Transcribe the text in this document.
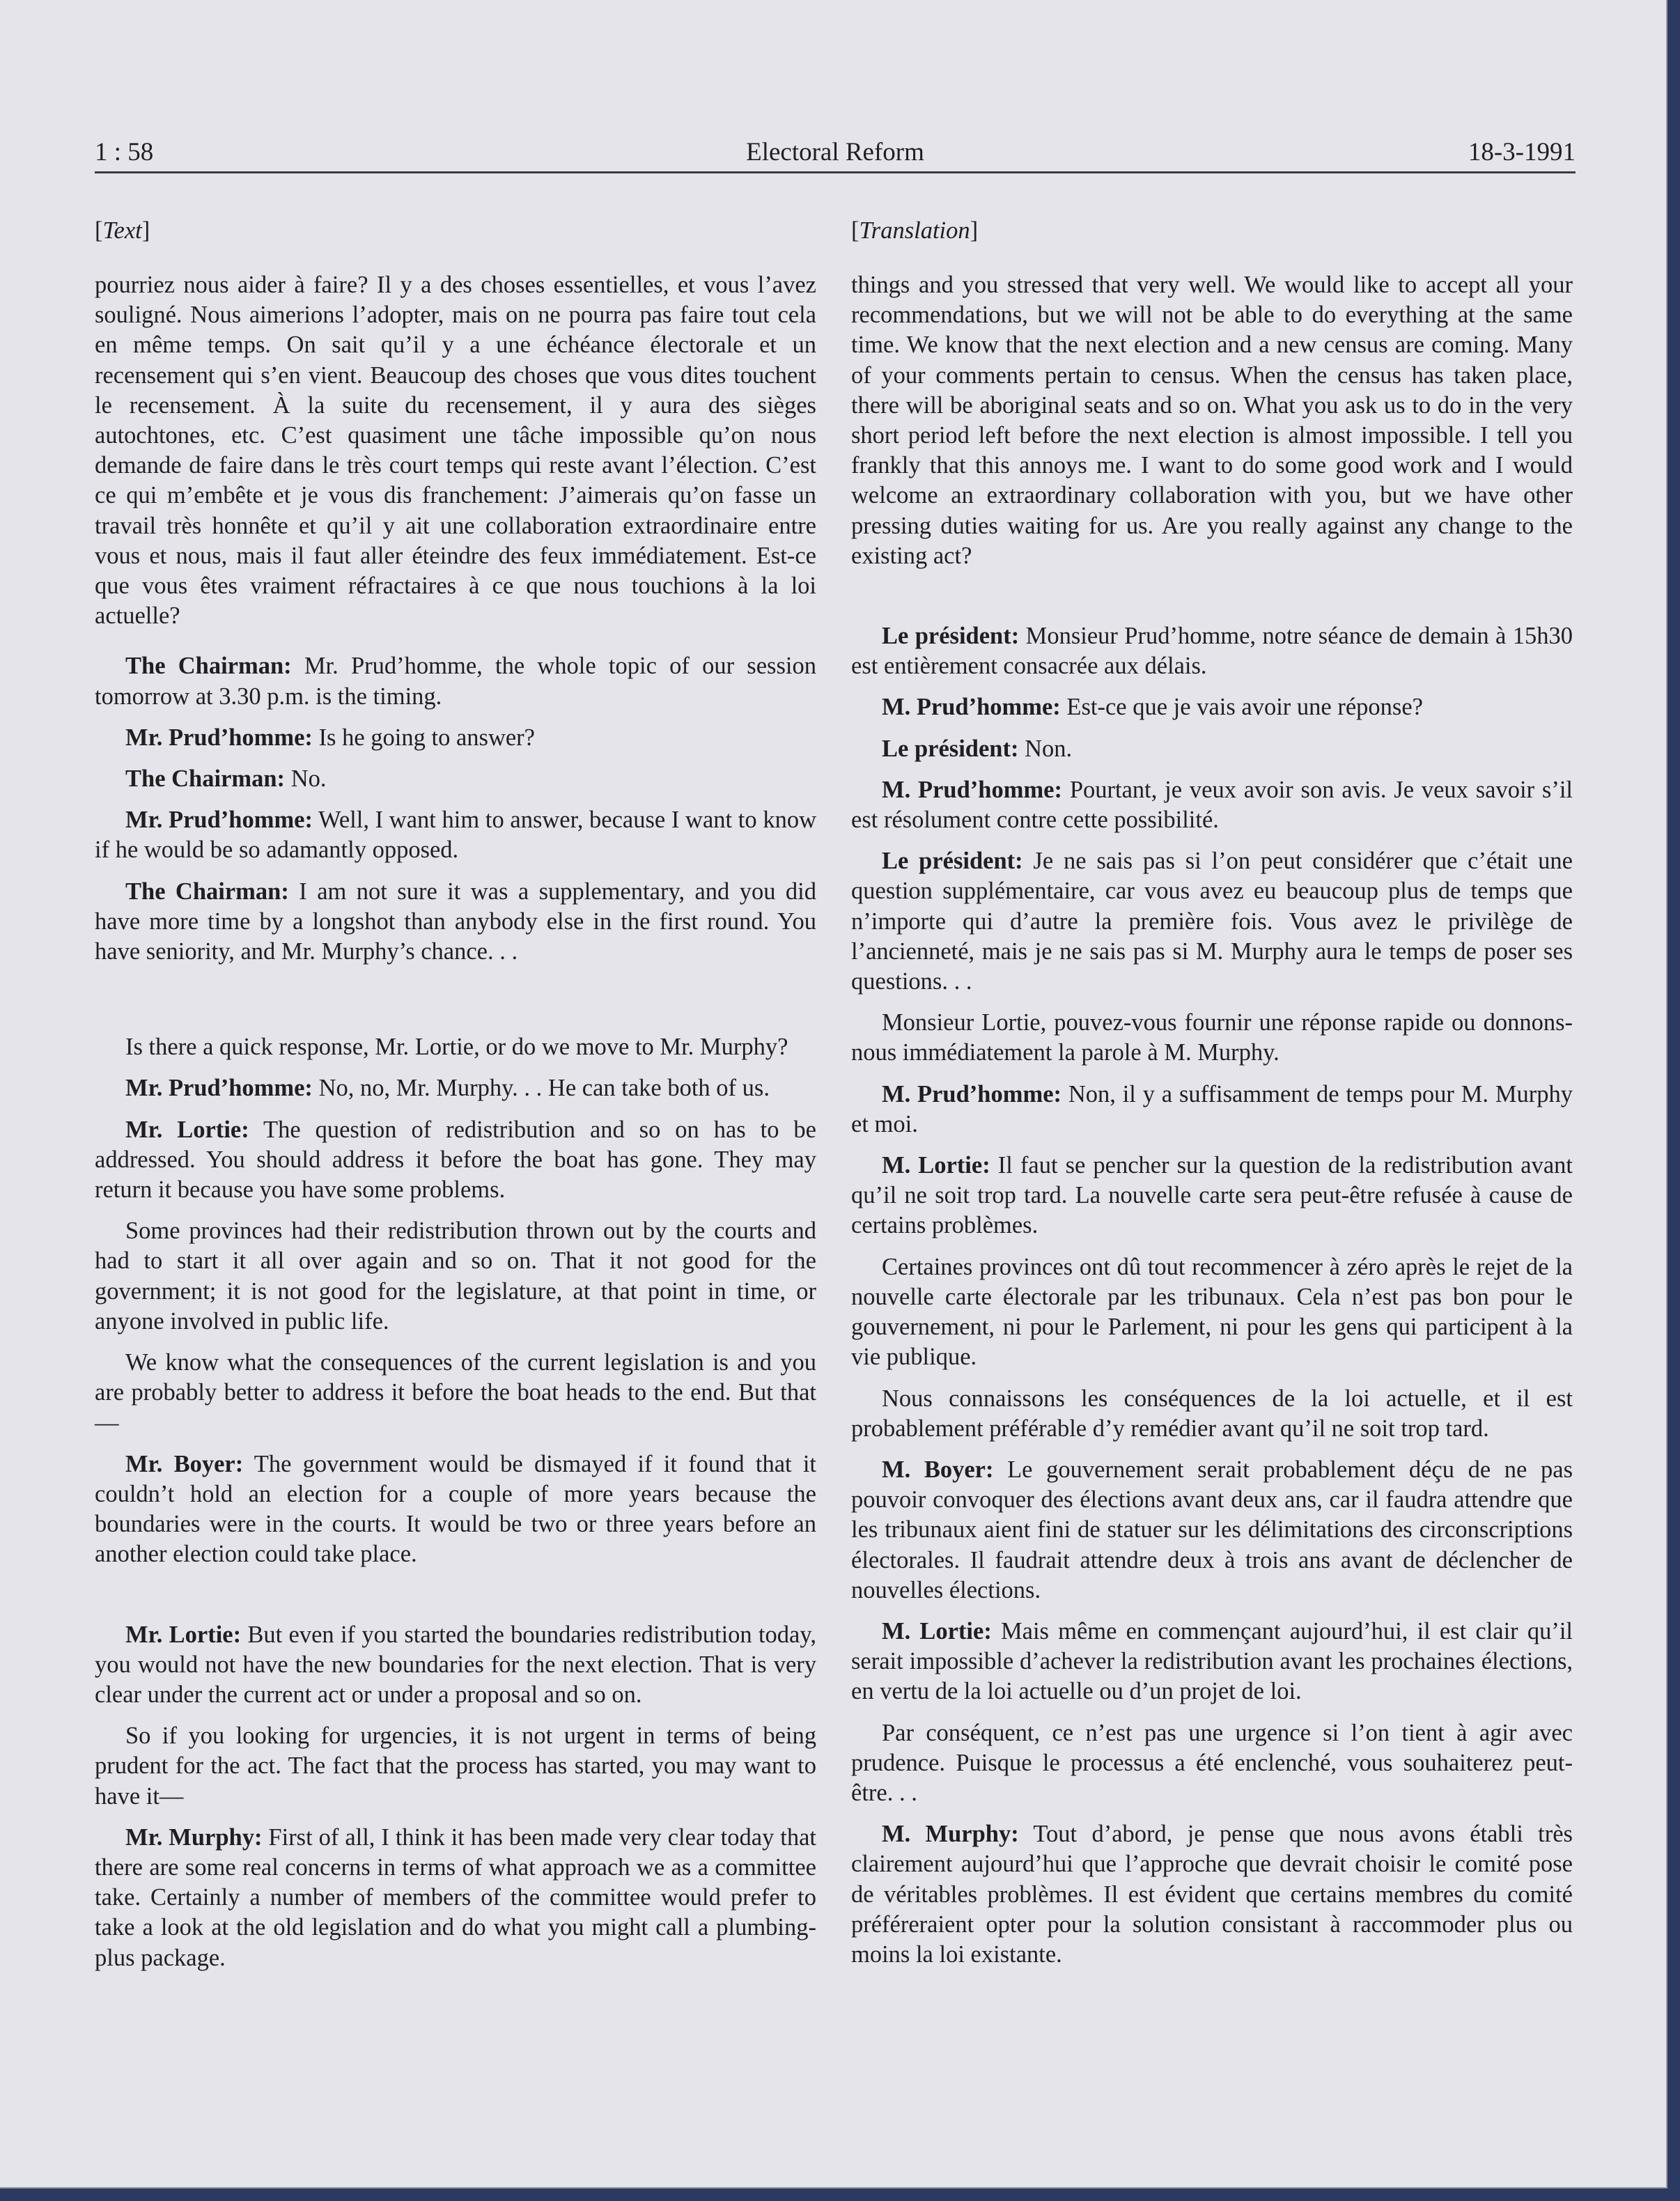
1 : 58	Electoral Reform	18-3-1991
[Text]

pourriez nous aider à faire? Il y a des choses essentielles, et vous l’avez souligné. Nous aimerions l’adopter, mais on ne pourra pas faire tout cela en même temps. On sait qu’il y a une échéance électorale et un recensement qui s’en vient. Beaucoup des choses que vous dites touchent le recensement. À la suite du recensement, il y aura des sièges autochtones, etc. C’est quasiment une tâche impossible qu’on nous demande de faire dans le très court temps qui reste avant l’élection. C’est ce qui m’embête et je vous dis franchement: J’aimerais qu’on fasse un travail très honnête et qu’il y ait une collaboration extraordinaire entre vous et nous, mais il faut aller éteindre des feux immédiatement. Est-ce que vous êtes vraiment réfractaires à ce que nous touchions à la loi actuelle?

The Chairman: Mr. Prud’homme, the whole topic of our session tomorrow at 3.30 p.m. is the timing.

Mr. Prud’homme: Is he going to answer?

The Chairman: No.

Mr. Prud’homme: Well, I want him to answer, because I want to know if he would be so adamantly opposed.

The Chairman: I am not sure it was a supplementary, and you did have more time by a longshot than anybody else in the first round. You have seniority, and Mr. Murphy’s chance. . .

Is there a quick response, Mr. Lortie, or do we move to Mr. Murphy?

Mr. Prud’homme: No, no, Mr. Murphy. . . He can take both of us.

Mr. Lortie: The question of redistribution and so on has to be addressed. You should address it before the boat has gone. They may return it because you have some problems.

Some provinces had their redistribution thrown out by the courts and had to start it all over again and so on. That it not good for the government; it is not good for the legislature, at that point in time, or anyone involved in public life.

We know what the consequences of the current legislation is and you are probably better to address it before the boat heads to the end. But that—

Mr. Boyer: The government would be dismayed if it found that it couldn’t hold an election for a couple of more years because the boundaries were in the courts. It would be two or three years before an another election could take place.

Mr. Lortie: But even if you started the boundaries redistribution today, you would not have the new boundaries for the next election. That is very clear under the current act or under a proposal and so on.

So if you looking for urgencies, it is not urgent in terms of being prudent for the act. The fact that the process has started, you may want to have it—

Mr. Murphy: First of all, I think it has been made very clear today that there are some real concerns in terms of what approach we as a committee take. Certainly a number of members of the committee would prefer to take a look at the old legislation and do what you might call a plumbing-plus package.

[Translation]

things and you stressed that very well. We would like to accept all your recommendations, but we will not be able to do everything at the same time. We know that the next election and a new census are coming. Many of your comments pertain to census. When the census has taken place, there will be aboriginal seats and so on. What you ask us to do in the very short period left before the next election is almost impossible. I tell you frankly that this annoys me. I want to do some good work and I would welcome an extraordinary collaboration with you, but we have other pressing duties waiting for us. Are you really against any change to the existing act?

Le président: Monsieur Prud’homme, notre séance de demain à 15h30 est entièrement consacrée aux délais.

M. Prud’homme: Est-ce que je vais avoir une réponse?

Le président: Non.

M. Prud’homme: Pourtant, je veux avoir son avis. Je veux savoir s’il est résolument contre cette possibilité.

Le président: Je ne sais pas si l’on peut considérer que c’était une question supplémentaire, car vous avez eu beaucoup plus de temps que n’importe qui d’autre la première fois. Vous avez le privilège de l’ancienneté, mais je ne sais pas si M. Murphy aura le temps de poser ses questions. . .

Monsieur Lortie, pouvez-vous fournir une réponse rapide ou donnons-nous immédiatement la parole à M. Murphy.

M. Prud’homme: Non, il y a suffisamment de temps pour M. Murphy et moi.

M. Lortie: Il faut se pencher sur la question de la redistribution avant qu’il ne soit trop tard. La nouvelle carte sera peut-être refusée à cause de certains problèmes.

Certaines provinces ont dû tout recommencer à zéro après le rejet de la nouvelle carte électorale par les tribunaux. Cela n’est pas bon pour le gouvernement, ni pour le Parlement, ni pour les gens qui participent à la vie publique.

Nous connaissons les conséquences de la loi actuelle, et il est probablement préférable d’y remédier avant qu’il ne soit trop tard.

M. Boyer: Le gouvernement serait probablement déçu de ne pas pouvoir convoquer des élections avant deux ans, car il faudra attendre que les tribunaux aient fini de statuer sur les délimitations des circonscriptions électorales. Il faudrait attendre deux à trois ans avant de déclencher de nouvelles élections.

M. Lortie: Mais même en commençant aujourd’hui, il est clair qu’il serait impossible d’achever la redistribution avant les prochaines élections, en vertu de la loi actuelle ou d’un projet de loi.

Par conséquent, ce n’est pas une urgence si l’on tient à agir avec prudence. Puisque le processus a été enclenché, vous souhaiterez peut-être. . .

M. Murphy: Tout d’abord, je pense que nous avons établi très clairement aujourd’hui que l’approche que devrait choisir le comité pose de véritables problèmes. Il est évident que certains membres du comité préféreraient opter pour la solution consistant à raccommoder plus ou moins la loi existante.
